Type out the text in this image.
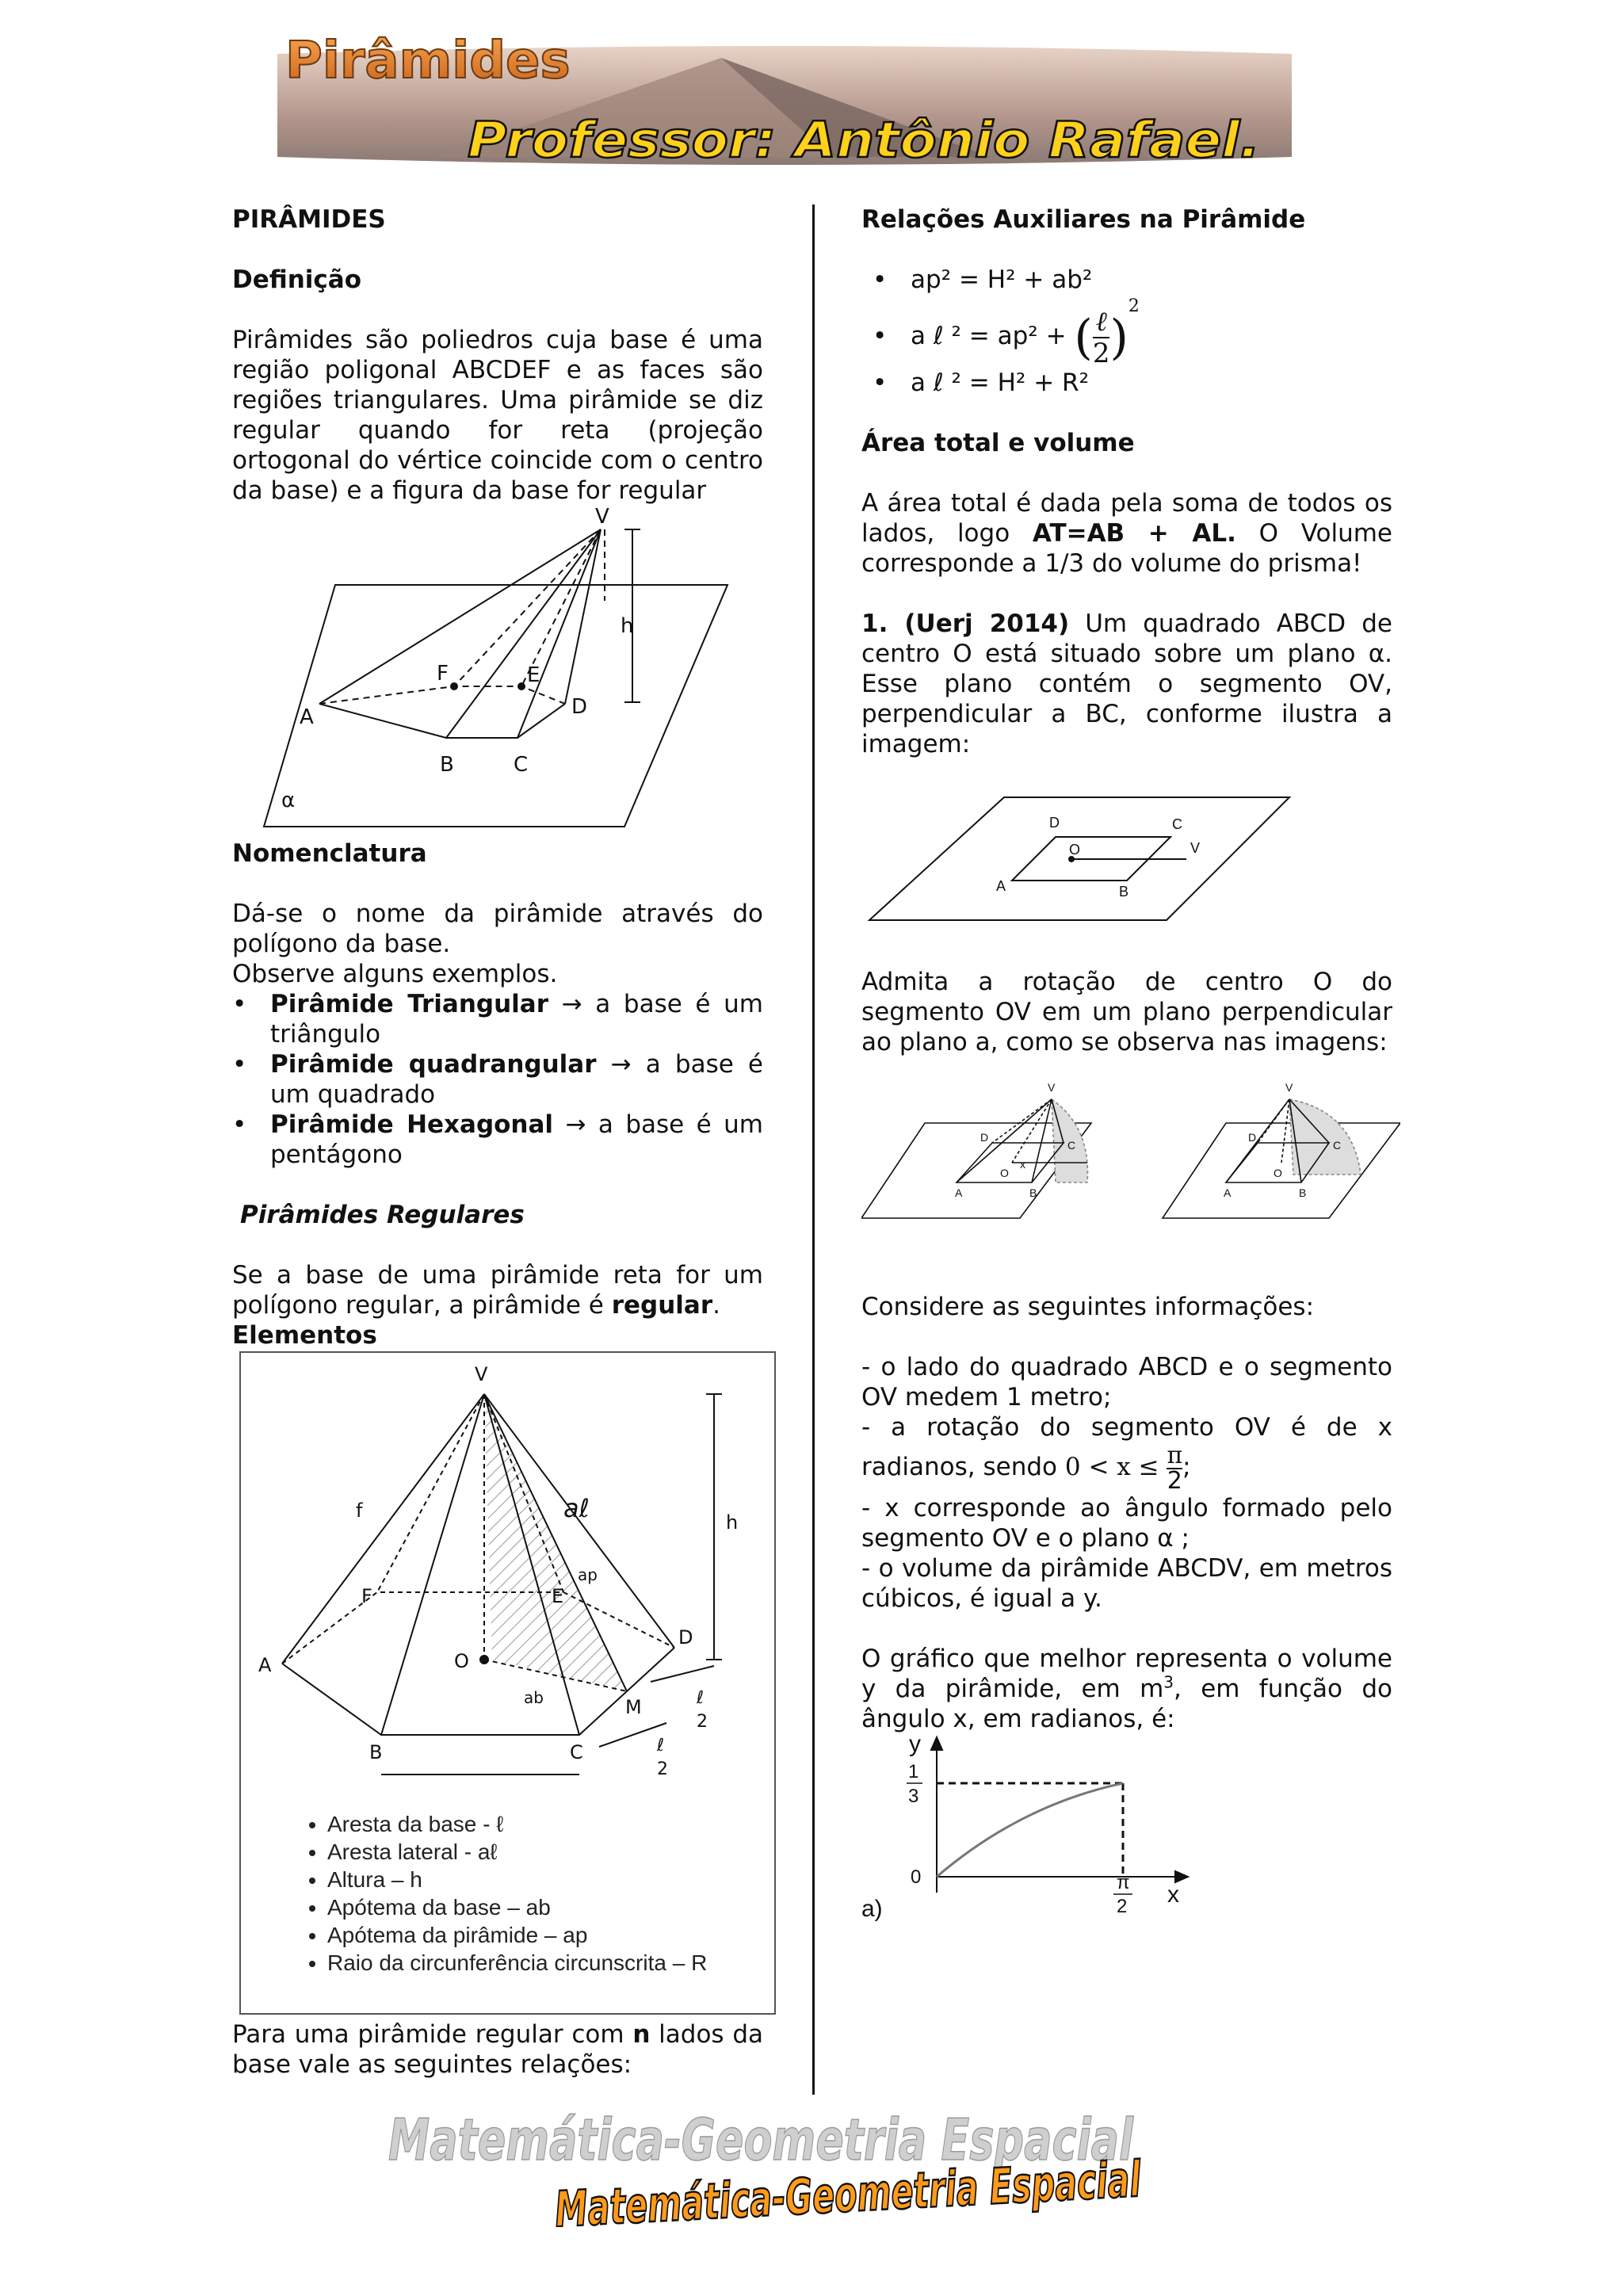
Pirâmides
Professor: Antônio Rafael.

PIRÂMIDES

Definição

Pirâmides são poliedros cuja base é uma região poligonal ABCDEF e as faces são regiões triangulares. Uma pirâmide se diz regular quando for reta (projeção ortogonal do vértice coincide com o centro da base) e a figura da base for regular

V
h
F	E
A	D
B	C
α

Nomenclatura

Dá-se o nome da pirâmide através do polígono da base.

Observe alguns exemplos.

• Pirâmide Triangular → a base é um triângulo
• Pirâmide quadrangular → a base é um quadrado
• Pirâmide Hexagonal → a base é um pentágono

Pirâmides Regulares

Se a base de uma pirâmide reta for um polígono regular, a pirâmide é regular.

Elementos

V
f	aℓ	h
ap
F	E
A
D
O
ab	M
B	C
ℓ
2
ℓ
2
• Aresta da base - ℓ
• Aresta lateral - aℓ
• Altura – h
• Apótema da base – ab
• Apótema da pirâmide – ap
• Raio da circunferência circunscrita – R

Para uma pirâmide regular com n lados da base vale as seguintes relações:

Relações Auxiliares na Pirâmide

• ap² = H² + ab²
• a ℓ ² = ap² + ( ℓ
2 )$^2$
• a ℓ ² = H² + R²

Área total e volume

A área total é dada pela soma de todos os lados, logo AT=AB + AL. O Volume corresponde a 1/3 do volume do prisma!

1. (Uerj 2014) Um quadrado ABCD de centro O está situado sobre um plano α. Esse plano contém o segmento OV, perpendicular a BC, conforme ilustra a imagem:

D	C
O	V
A	B

Admita a rotação de centro O do segmento OV em um plano perpendicular ao plano a, como se observa nas imagens:

V
D
C
x
O
A	B
V
D
C
O
A	B

Considere as seguintes informações:

- o lado do quadrado ABCD e o segmento OV medem 1 metro;

- a rotação do segmento OV é de x

radianos, sendo $0 < x \le \frac{\pi}{2}$ ;

- x corresponde ao ângulo formado pelo segmento OV e o plano α ;

- o volume da pirâmide ABCDV, em metros cúbicos, é igual a y.

O gráfico que melhor representa o volume y da pirâmide, em $m^3$, em função do ângulo x, em radianos, é:

y
1
3
0	π
2 x
a)
Matemática-Geometria Espacial
Matemática-Geometria
